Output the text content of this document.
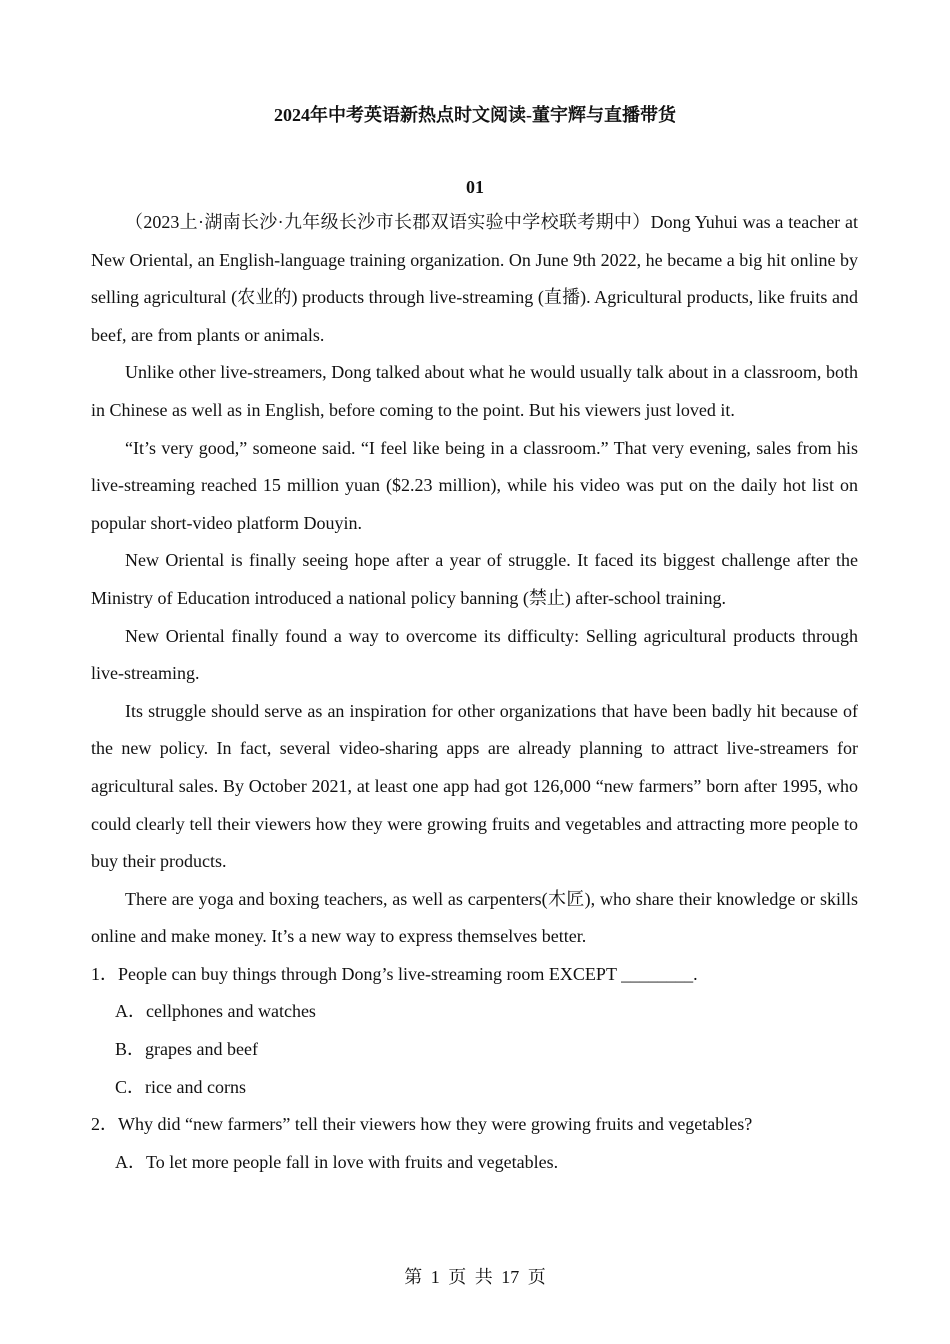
2024年中考英语新热点时文阅读-董宇辉与直播带货
01

（2023上·湖南长沙·九年级长沙市长郡双语实验中学校联考期中）Dong Yuhui was a teacher at New Oriental, an English-language training organization. On June 9th 2022, he became a big hit online by selling agricultural (农业的) products through live-streaming (直播). Agricultural products, like fruits and beef, are from plants or animals.

Unlike other live-streamers, Dong talked about what he would usually talk about in a classroom, both in Chinese as well as in English, before coming to the point. But his viewers just loved it.

“It’s very good,” someone said. “I feel like being in a classroom.” That very evening, sales from his live-streaming reached 15 million yuan ($2.23 million), while his video was put on the daily hot list on popular short-video platform Douyin.

New Oriental is finally seeing hope after a year of struggle. It faced its biggest challenge after the Ministry of Education introduced a national policy banning (禁止) after-school training.

New Oriental finally found a way to overcome its difficulty: Selling agricultural products through live-streaming.

Its struggle should serve as an inspiration for other organizations that have been badly hit because of the new policy. In fact, several video-sharing apps are already planning to attract live-streamers for agricultural sales. By October 2021, at least one app had got 126,000 “new farmers” born after 1995, who could clearly tell their viewers how they were growing fruits and vegetables and attracting more people to buy their products.

There are yoga and boxing teachers, as well as carpenters(木匠), who share their knowledge or skills online and make money. It’s a new way to express themselves better.

1．People can buy things through Dong’s live-streaming room EXCEPT ________.

A．cellphones and watches

B．grapes and beef

C．rice and corns

2．Why did “new farmers” tell their viewers how they were growing fruits and vegetables?

A．To let more people fall in love with fruits and vegetables.

第 1 页 共 17 页
